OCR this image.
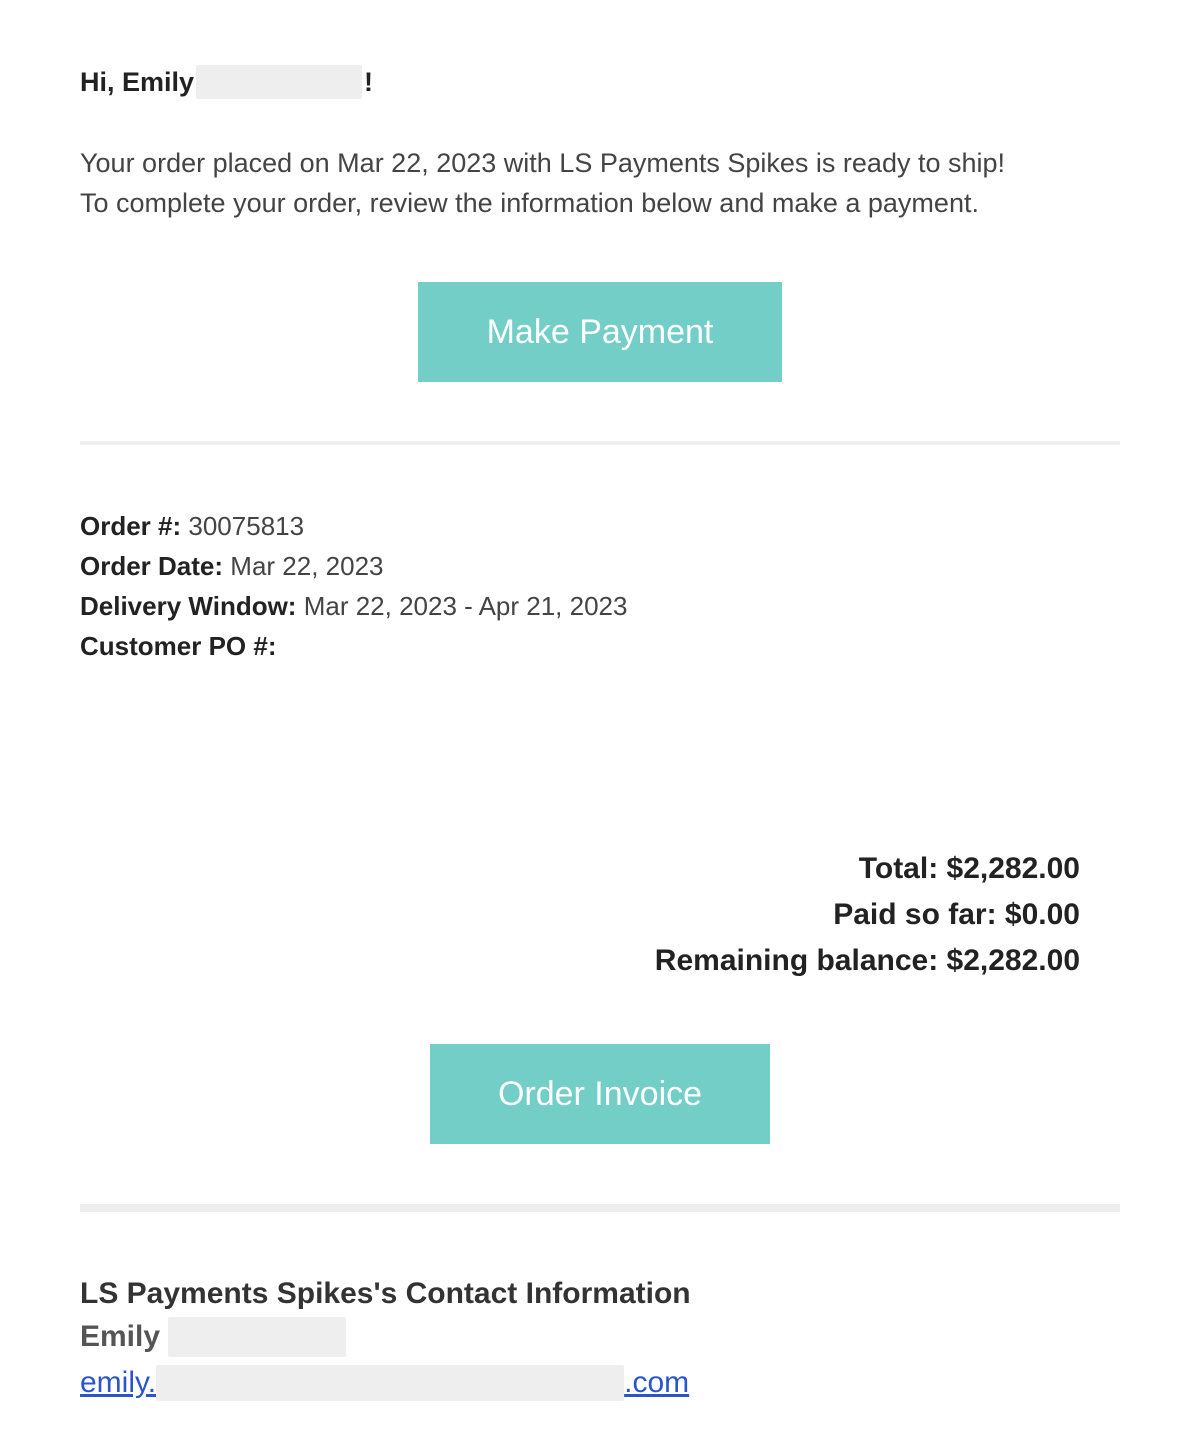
Hi, Emily	!
Your order placed on Mar 22, 2023 with LS Payments Spikes is ready to ship!
To complete your order, review the information below and make a payment.
Make Payment
Order #: 30075813
Order Date: Mar 22, 2023
Delivery Window: Mar 22, 2023 - Apr 21, 2023
Customer PO #:
Total: $2,282.00
Paid so far: $0.00
Remaining balance: $2,282.00
Order Invoice
LS Payments Spikes's Contact Information
Emily
emily.	.com
